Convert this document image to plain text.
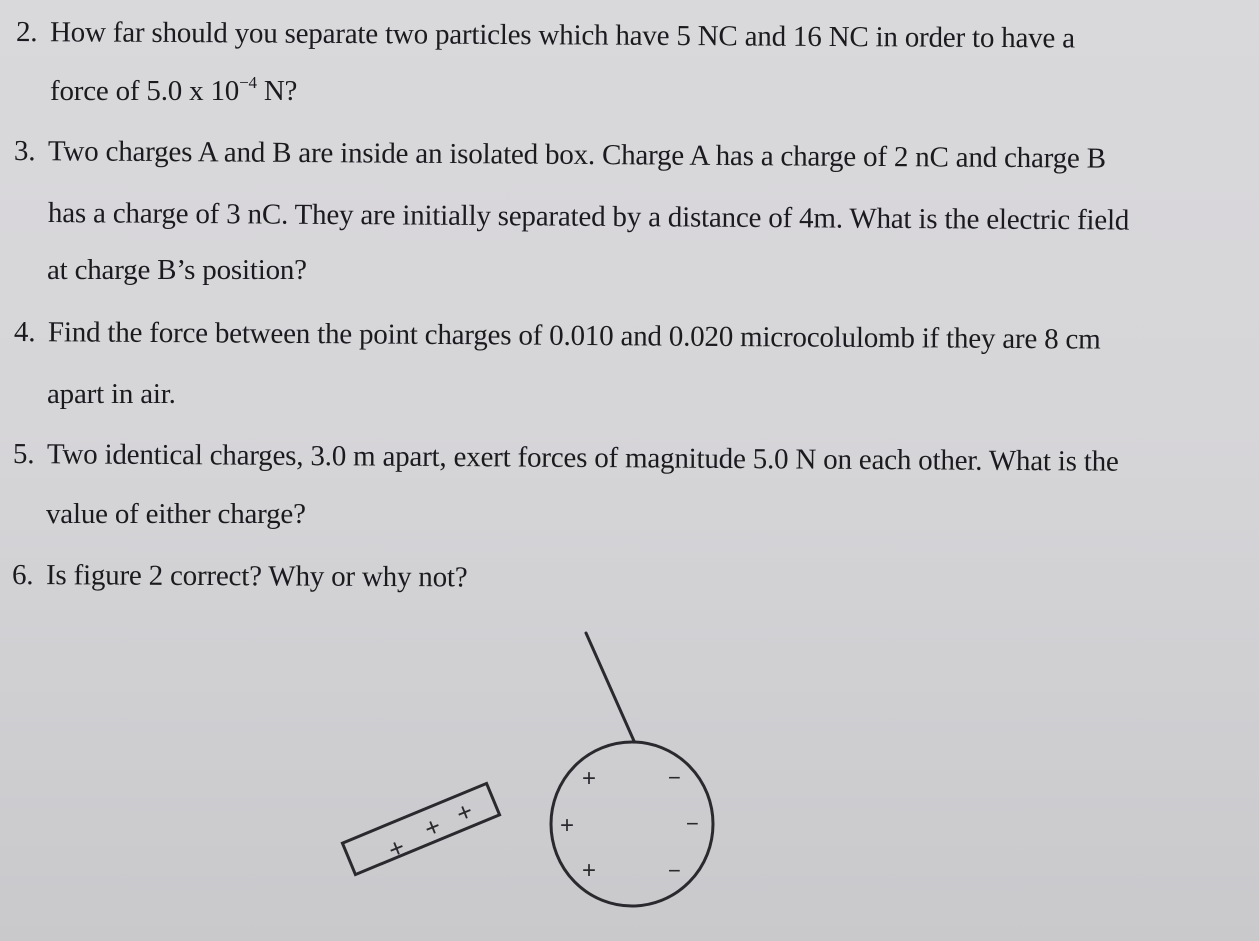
2. How far should you separate two particles which have 5 NC and 16 NC in order to have a
force of 5.0 x $10^{-4}$ N?
3. Two charges A and B are inside an isolated box. Charge A has a charge of 2 nC and charge B
has a charge of 3 nC. They are initially separated by a distance of 4m. What is the electric field
at charge B’s position?
4. Find the force between the point charges of 0.010 and 0.020 microcolulomb if they are 8 cm
apart in air.
5. Two identical charges, 3.0 m apart, exert forces of magnitude 5.0 N on each other. What is the
value of either charge?
6. Is figure 2 correct? Why or why not?
+
+ +
+
+
+
−
−
−
